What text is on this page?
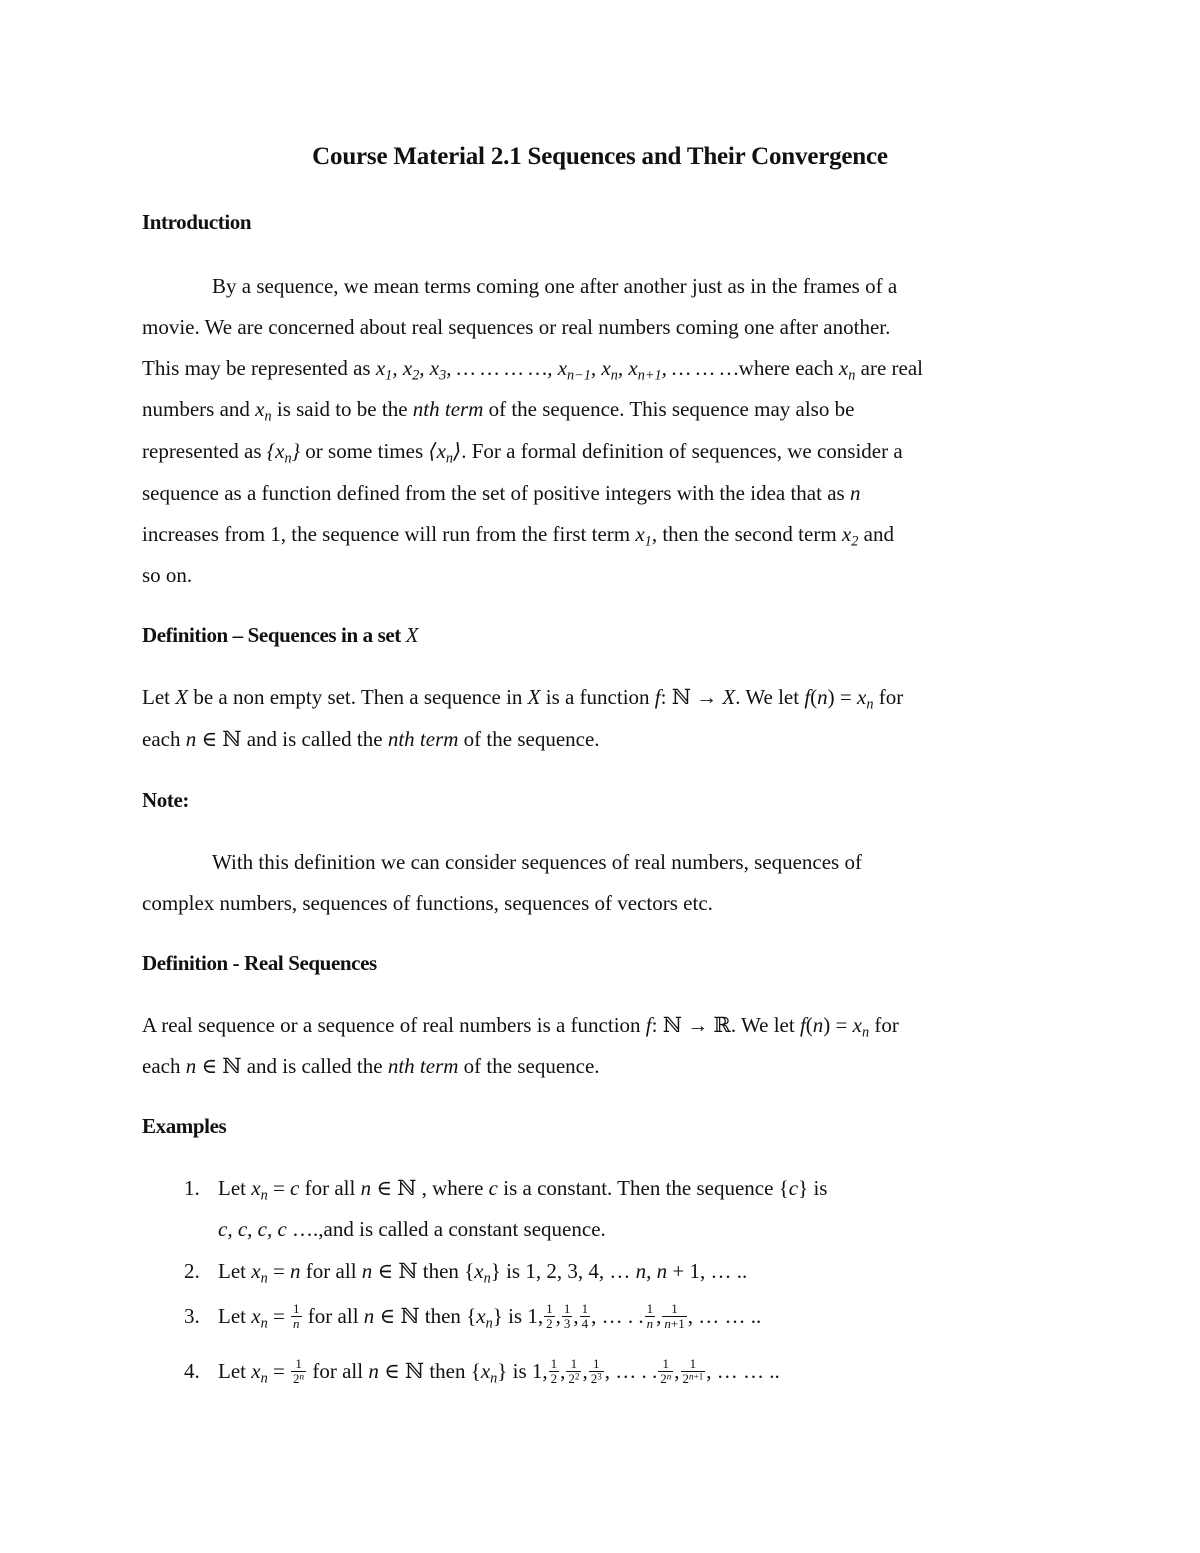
Course Material 2.1 Sequences and Their Convergence
Introduction
By a sequence, we mean terms coming one after another just as in the frames of a
movie. We are concerned about real sequences or real numbers coming one after another.
This may be represented as $x_1$, $x_2$, $x_3$, … … … …, $x_{n-1}$, $x_n$, $x_{n+1}$, … … …where each $x_n$ are real
numbers and $x_n$ is said to be the nth term of the sequence. This sequence may also be
represented as $\{x_n\}$ or some times $⟨x_n⟩$. For a formal definition of sequences, we consider a
sequence as a function defined from the set of positive integers with the idea that as n
increases from 1, the sequence will run from the first term $x_1$, then the second term $x_2$ and
so on.
Definition – Sequences in a set X
Let X be a non empty set. Then a sequence in X is a function f: ℕ → X. We let $f(n) = x_n$ for
each n ∈ ℕ and is called the nth term of the sequence.
Note:
With this definition we can consider sequences of real numbers, sequences of
complex numbers, sequences of functions, sequences of vectors etc.
Definition - Real Sequences
A real sequence or a sequence of real numbers is a function f: ℕ → ℝ. We let $f(n) = x_n$ for
each n ∈ ℕ and is called the nth term of the sequence.
Examples
1. Let $x_n = c$ for all n ∈ ℕ , where c is a constant. Then the sequence {c} is
c, c, c, c ….,and is called a constant sequence.
2. Let $x_n = n$ for all n ∈ ℕ then $\{x_n\}$ is 1, 2, 3, 4, … n, n + 1, … ..
3. Let $x_n = \frac{1}{n}$ for all n ∈ ℕ then $\{x_n\}$ is 1, $\frac{1}{2}$ , $\frac{1}{3}$ , $\frac{1}{4}$ , … . . $\frac{1}{n}$ , $\frac{1}{n+1}$ , … … ..
4. Let $x_n = \frac{1}{2^n}$ for all n ∈ ℕ then $\{x_n\}$ is 1, $\frac{1}{2}$ , $\frac{1}{2^2}$ , $\frac{1}{2^3}$ , … . . $\frac{1}{2^n}$ , $\frac{1}{2^{n+1}}$ , … … ..
